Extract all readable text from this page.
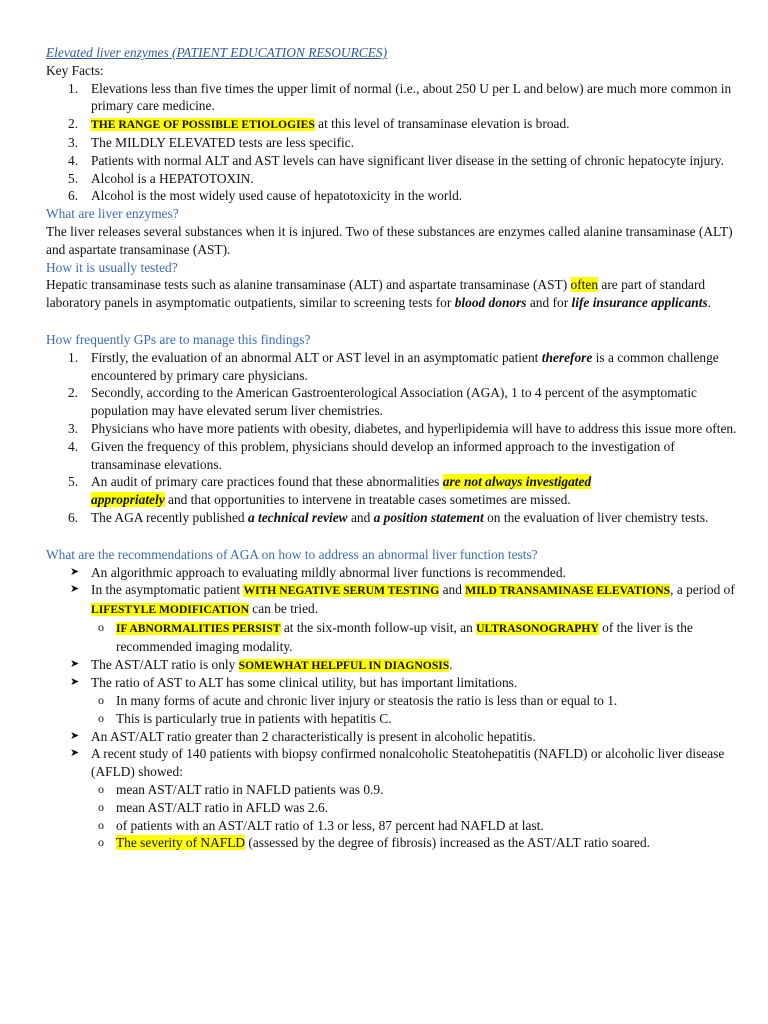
Elevated liver enzymes (PATIENT EDUCATION RESOURCES)

Key Facts:

1. Elevations less than five times the upper limit of normal (i.e., about 250 U per L and below) are much more common in primary care medicine.
2. THE RANGE OF POSSIBLE ETIOLOGIES at this level of transaminase elevation is broad.
3. The MILDLY ELEVATED tests are less specific.
4. Patients with normal ALT and AST levels can have significant liver disease in the setting of chronic hepatocyte injury.
5. Alcohol is a HEPATOTOXIN.
6. Alcohol is the most widely used cause of hepatotoxicity in the world.

What are liver enzymes?

The liver releases several substances when it is injured. Two of these substances are enzymes called alanine transaminase (ALT) and aspartate transaminase (AST).

How it is usually tested?

Hepatic transaminase tests such as alanine transaminase (ALT) and aspartate transaminase (AST) often are part of standard laboratory panels in asymptomatic outpatients, similar to screening tests for blood donors and for life insurance applicants.

How frequently GPs are to manage this findings?

1. Firstly, the evaluation of an abnormal ALT or AST level in an asymptomatic patient therefore is a common challenge encountered by primary care physicians.
2. Secondly, according to the American Gastroenterological Association (AGA), 1 to 4 percent of the asymptomatic population may have elevated serum liver chemistries.
3. Physicians who have more patients with obesity, diabetes, and hyperlipidemia will have to address this issue more often.
4. Given the frequency of this problem, physicians should develop an informed approach to the investigation of transaminase elevations.
5. An audit of primary care practices found that these abnormalities are not always investigated
appropriately and that opportunities to intervene in treatable cases sometimes are missed.
6. The AGA recently published a technical review and a position statement on the evaluation of liver chemistry tests.

What are the recommendations of AGA on how to address an abnormal liver function tests?

➤ An algorithmic approach to evaluating mildly abnormal liver functions is recommended.
➤ In the asymptomatic patient WITH NEGATIVE SERUM TESTING and MILD TRANSAMINASE ELEVATIONS, a period of LIFESTYLE MODIFICATION can be tried.
o IF ABNORMALITIES PERSIST at the six-month follow-up visit, an ULTRASONOGRAPHY of the liver is the recommended imaging modality.
➤ The AST/ALT ratio is only SOMEWHAT HELPFUL IN DIAGNOSIS.
➤ The ratio of AST to ALT has some clinical utility, but has important limitations.
o In many forms of acute and chronic liver injury or steatosis the ratio is less than or equal to 1.
o This is particularly true in patients with hepatitis C.
➤ An AST/ALT ratio greater than 2 characteristically is present in alcoholic hepatitis.
➤ A recent study of 140 patients with biopsy confirmed nonalcoholic Steatohepatitis (NAFLD) or alcoholic liver disease (AFLD) showed:
o mean AST/ALT ratio in NAFLD patients was 0.9.
o mean AST/ALT ratio in AFLD was 2.6.
o of patients with an AST/ALT ratio of 1.3 or less, 87 percent had NAFLD at last.
o The severity of NAFLD (assessed by the degree of fibrosis) increased as the AST/ALT ratio soared.
